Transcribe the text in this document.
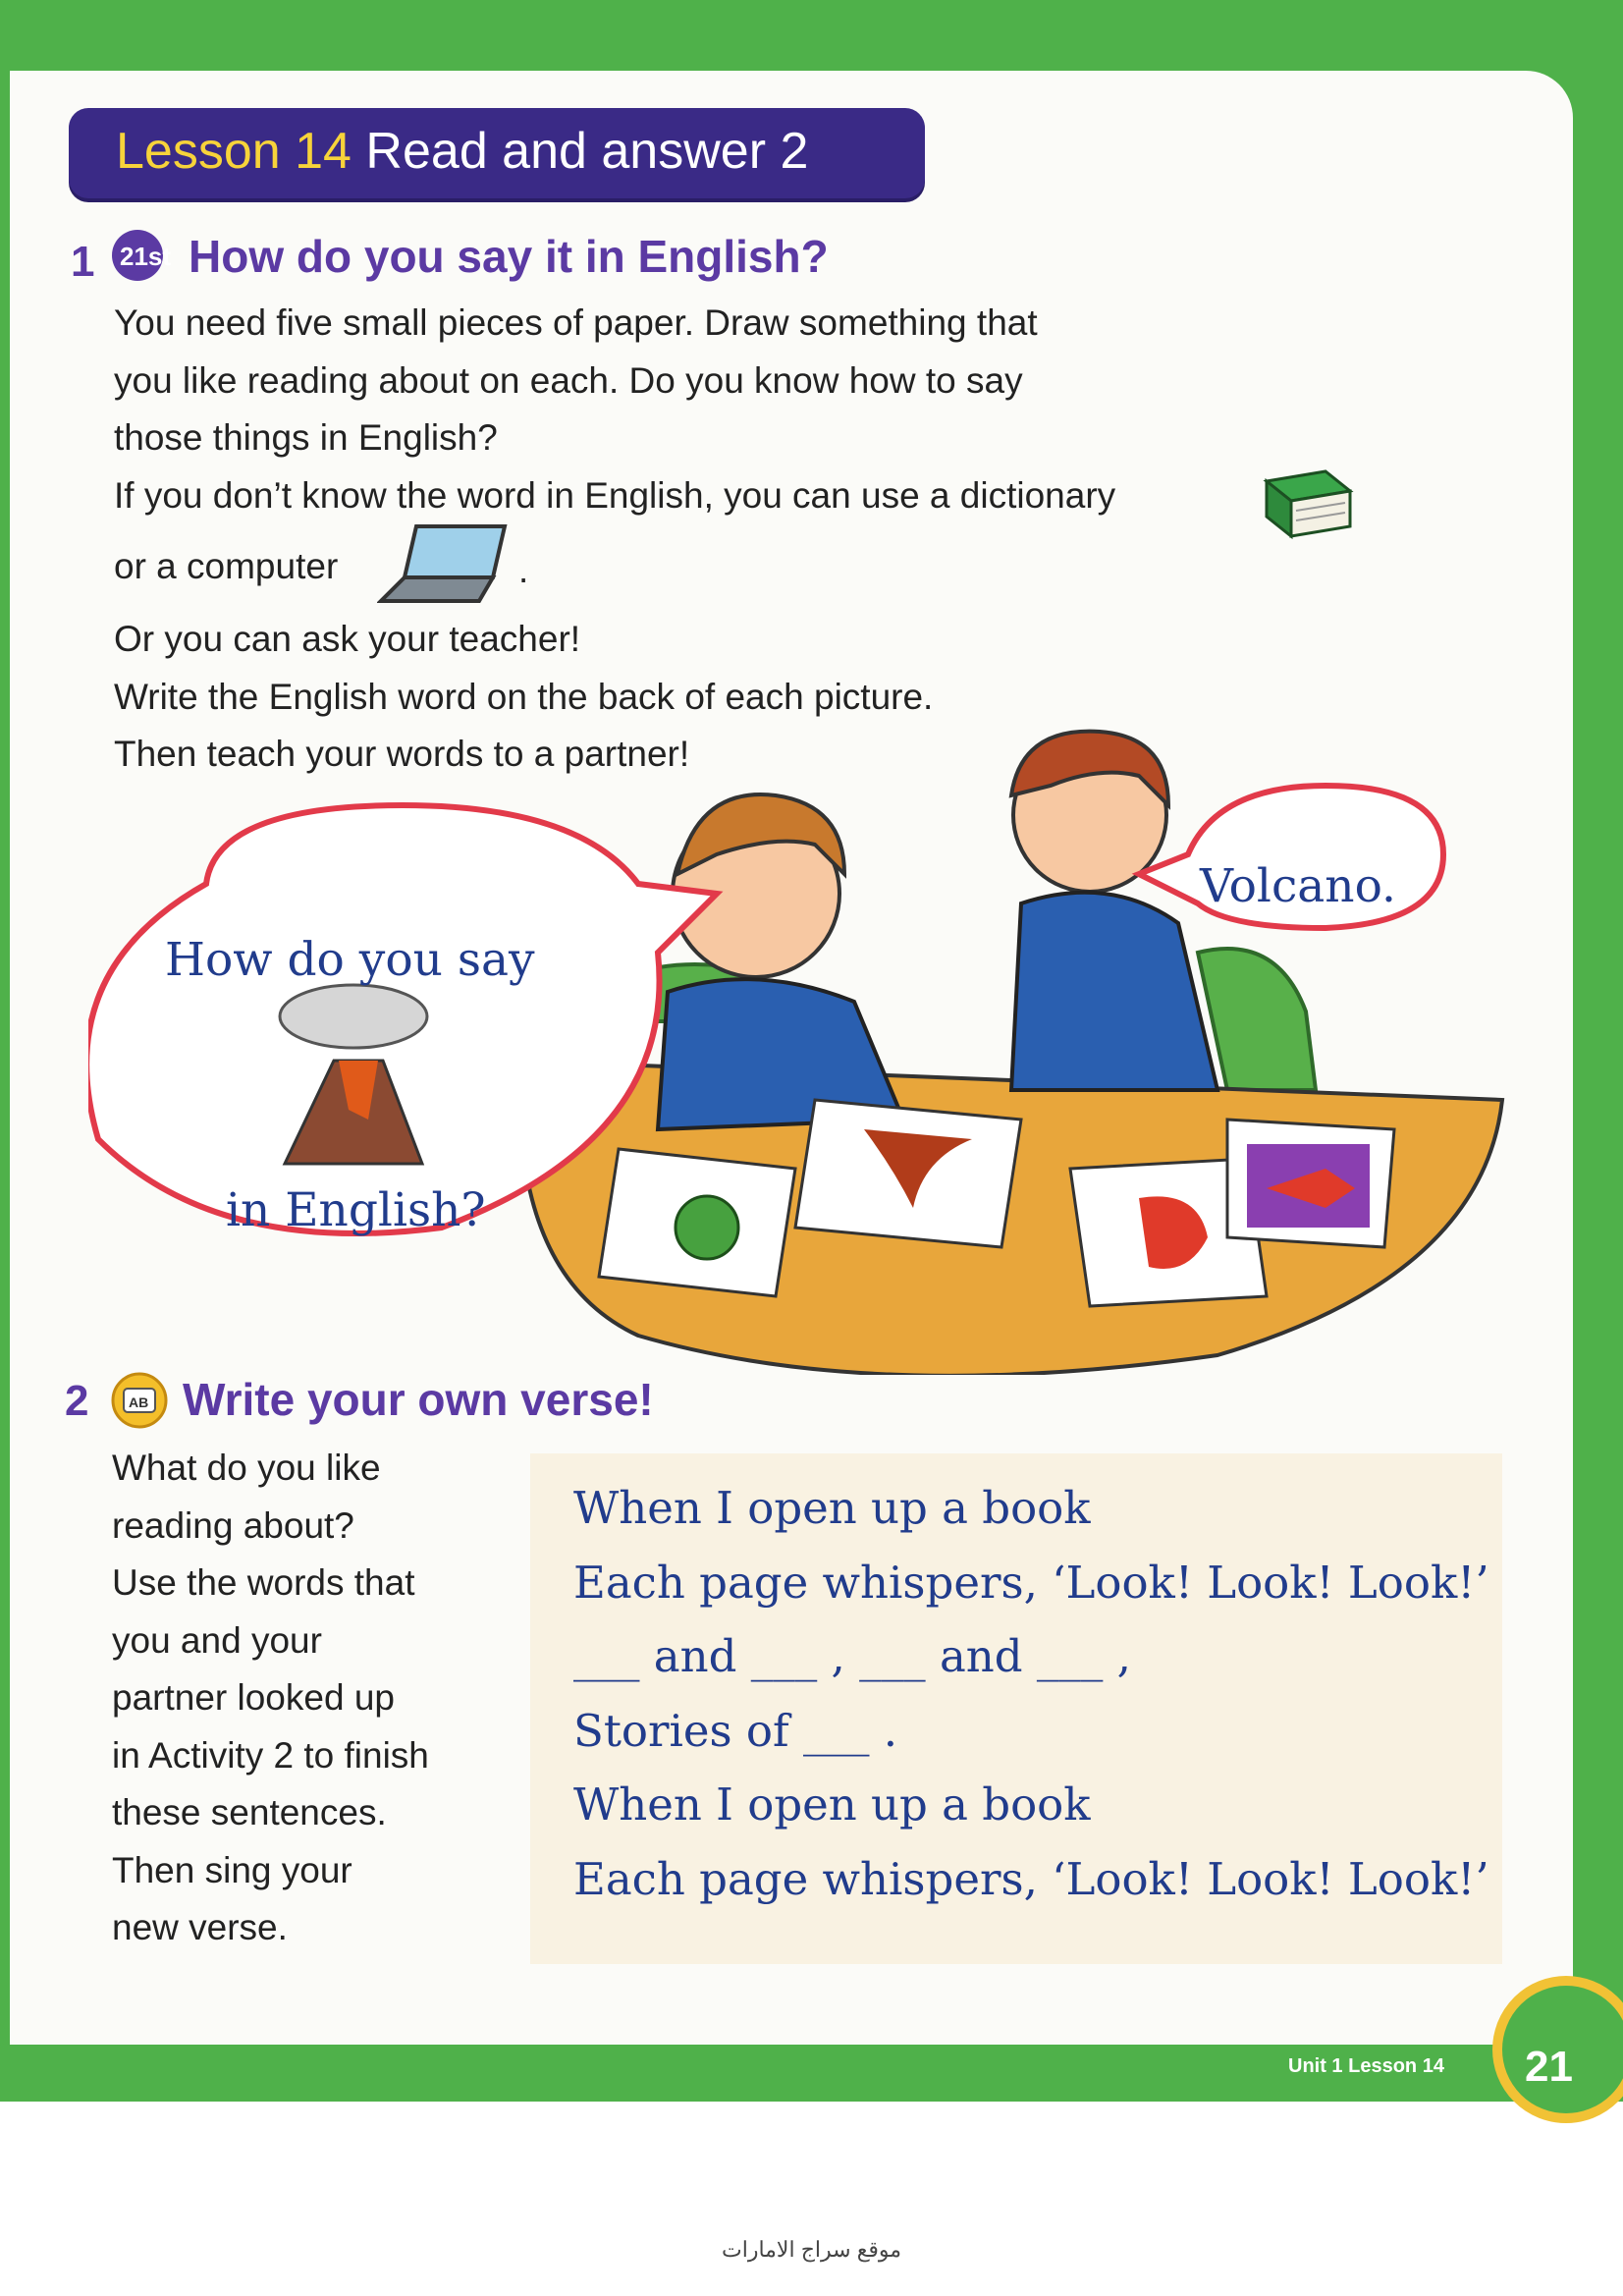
Lesson 14 Read and answer 2
1 21st How do you say it in English?

You need five small pieces of paper. Draw something that

you like reading about on each. Do you know how to say

those things in English?

If you don’t know the word in English, you can use a dictionary

or a computer	.

Or you can ask your teacher!

Write the English word on the back of each picture.

Then teach your words to a partner!

How do you say
in English?
Volcano.
2	AB Write your own verse!

What do you like

reading about?

Use the words that

you and your

partner looked up

in Activity 2 to finish

these sentences.

Then sing your

new verse.

When I open up a book
Each page whispers, ‘Look! Look! Look!’
___ and ___ , ___ and ___ ,
Stories of ___ .
When I open up a book
Each page whispers, ‘Look! Look! Look!’
Unit 1 Lesson 14 21
موقع سراج الامارات
